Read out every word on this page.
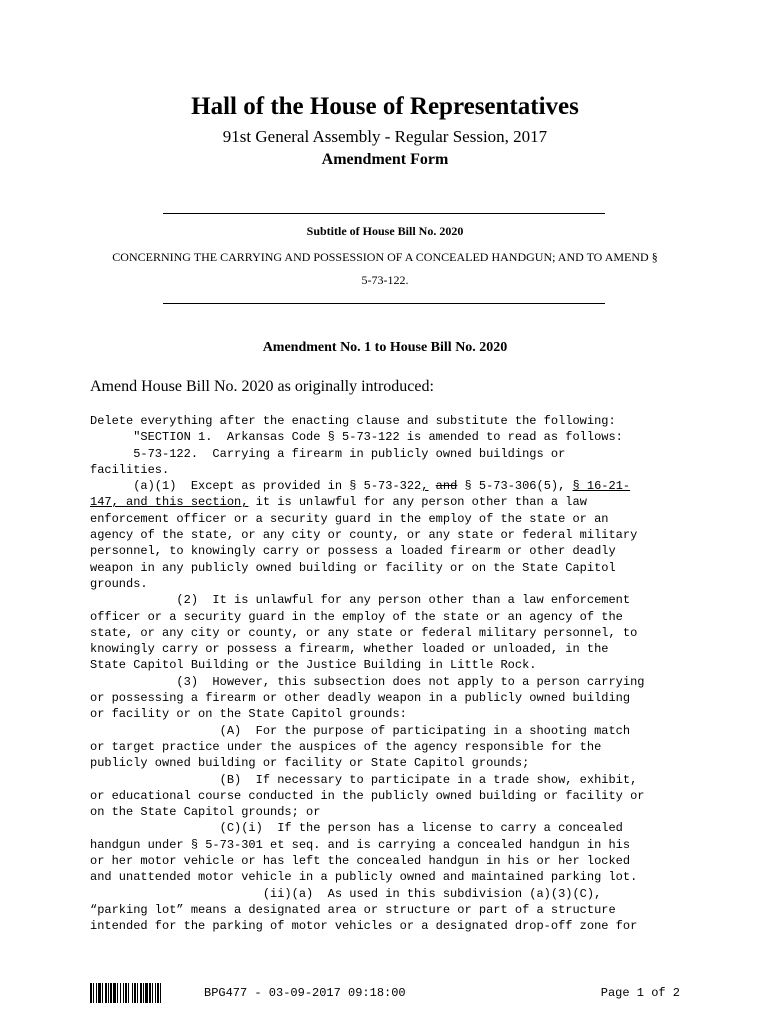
Hall of the House of Representatives
91st General Assembly - Regular Session, 2017
Amendment Form
Subtitle of House Bill No. 2020
CONCERNING THE CARRYING AND POSSESSION OF A CONCEALED HANDGUN; AND TO AMEND §
5-73-122.
Amendment No. 1 to House Bill No. 2020
Amend House Bill No. 2020 as originally introduced:
Delete everything after the enacting clause and substitute the following:
"SECTION 1.  Arkansas Code § 5-73-122 is amended to read as follows:
5-73-122.  Carrying a firearm in publicly owned buildings or
facilities.
(a)(1)  Except as provided in § 5-73-322, and § 5-73-306(5), § 16-21-
147, and this section, it is unlawful for any person other than a law
enforcement officer or a security guard in the employ of the state or an
agency of the state, or any city or county, or any state or federal military
personnel, to knowingly carry or possess a loaded firearm or other deadly
weapon in any publicly owned building or facility or on the State Capitol
grounds.
(2)  It is unlawful for any person other than a law enforcement
officer or a security guard in the employ of the state or an agency of the
state, or any city or county, or any state or federal military personnel, to
knowingly carry or possess a firearm, whether loaded or unloaded, in the
State Capitol Building or the Justice Building in Little Rock.
(3)  However, this subsection does not apply to a person carrying
or possessing a firearm or other deadly weapon in a publicly owned building
or facility or on the State Capitol grounds:
(A)  For the purpose of participating in a shooting match
or target practice under the auspices of the agency responsible for the
publicly owned building or facility or State Capitol grounds;
(B)  If necessary to participate in a trade show, exhibit,
or educational course conducted in the publicly owned building or facility or
on the State Capitol grounds; or
(C)(i)  If the person has a license to carry a concealed
handgun under § 5-73-301 et seq. and is carrying a concealed handgun in his
or her motor vehicle or has left the concealed handgun in his or her locked
and unattended motor vehicle in a publicly owned and maintained parking lot.
(ii)(a)  As used in this subdivision (a)(3)(C),
“parking lot” means a designated area or structure or part of a structure
intended for the parking of motor vehicles or a designated drop-off zone for
BPG477 - 03-09-2017 09:18:00	Page 1 of 2
